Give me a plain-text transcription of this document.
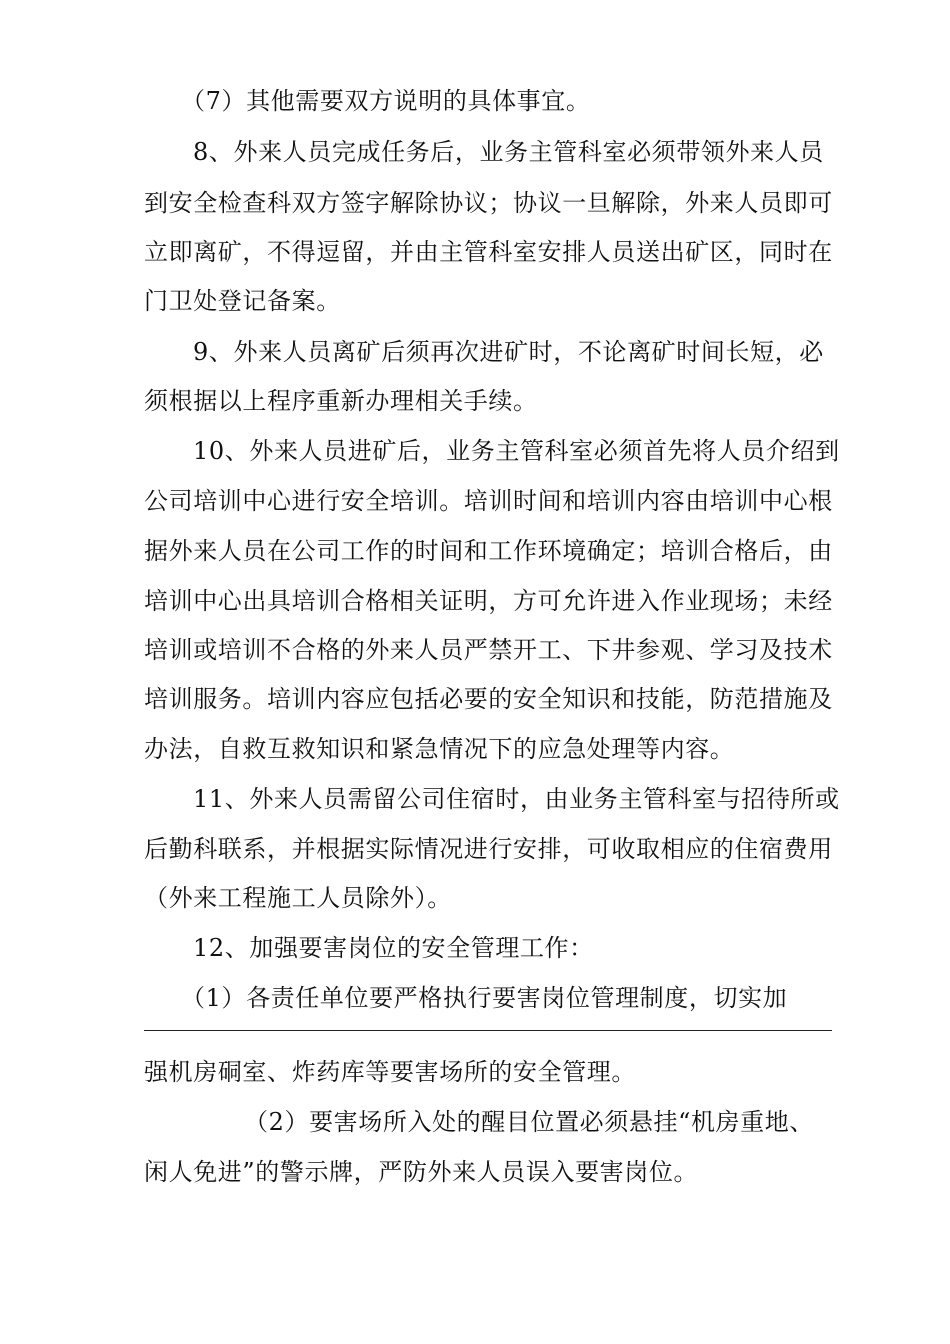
（7）其他需要双方说明的具体事宜。
8、外来人员完成任务后，业务主管科室必须带领外来人员
到安全检查科双方签字解除协议；协议一旦解除，外来人员即可
立即离矿，不得逗留，并由主管科室安排人员送出矿区，同时在
门卫处登记备案。
9、外来人员离矿后须再次进矿时，不论离矿时间长短，必
须根据以上程序重新办理相关手续。
10、外来人员进矿后，业务主管科室必须首先将人员介绍到
公司培训中心进行安全培训。培训时间和培训内容由培训中心根
据外来人员在公司工作的时间和工作环境确定；培训合格后，由
培训中心出具培训合格相关证明，方可允许进入作业现场；未经
培训或培训不合格的外来人员严禁开工、下井参观、学习及技术
培训服务。培训内容应包括必要的安全知识和技能，防范措施及
办法，自救互救知识和紧急情况下的应急处理等内容。
11、外来人员需留公司住宿时，由业务主管科室与招待所或
后勤科联系，并根据实际情况进行安排，可收取相应的住宿费用
（外来工程施工人员除外）。
12、加强要害岗位的安全管理工作：
（1）各责任单位要严格执行要害岗位管理制度，切实加
强机房硐室、炸药库等要害场所的安全管理。
（2）要害场所入处的醒目位置必须悬挂“机房重地、
闲人免进”的警示牌，严防外来人员误入要害岗位。
